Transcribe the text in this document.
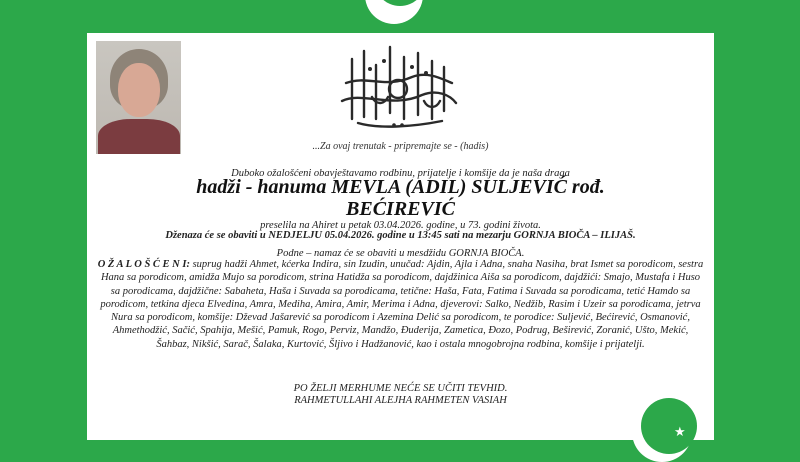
...Za ovaj trenutak - pripremajte se - (hadis)
Duboko ožalošćeni obavještavamo rodbinu, prijatelje i komšije da je naša draga
hadži - hanuma MEVLA (ADIL) SULJEVIĆ rođ.
BEĆIREVIĆ
preselila na Ahiret u petak 03.04.2026. godine, u 73. godini života.
Dženaza će se obaviti u NEDJELJU 05.04.2026. godine u 13:45 sati na mezarju GORNJA BIOČA – ILIJAŠ.
Podne – namaz će se obaviti u mesdžidu GORNJA BIOČA.
O Ž A L O Š Ć E N I: suprug hadži Ahmet, kćerka Indira, sin Izudin, unučad: Ajdin, Ajla i Adna, snaha Nasiha, brat Ismet sa porodicom, sestra Hana sa porodicom, amidža Mujo sa porodicom, strina Hatidža sa porodicom, dajdžinica Aiša sa porodicom, dajdžići: Smajo, Mustafa i Huso sa porodicama, dajdžične: Sabaheta, Haša i Suvada sa porodicama, tetične: Haša, Fata, Fatima i Suvada sa porodicama, tetić Hamdo sa porodicom, tetkina djeca Elvedina, Amra, Mediha, Amira, Amir, Merima i Adna, djeverovi: Salko, Nedžib, Rasim i Uzeir sa porodicama, jetrva Nura sa porodicom, komšije: Dževad Jašarević sa porodicom i Azemina Delić sa porodicom, te porodice: Suljević, Bećirević, Osmanović, Ahmethodžić, Sačić, Spahija, Mešić, Pamuk, Rogo, Perviz, Mandžo, Đuderija, Zametica, Đozo, Podrug, Beširević, Zoranić, Ušto, Mekić, Šahbaz, Nikšić, Sarač, Šalaka, Kurtović, Šljivo i Hadžanović, kao i ostala mnogobrojna rodbina, komšije i prijatelji.
PO ŽELJI MERHUME NEĆE SE UČITI TEVHID.
RAHMETULLAHI ALEJHA RAHMETEN VASIAH
★
